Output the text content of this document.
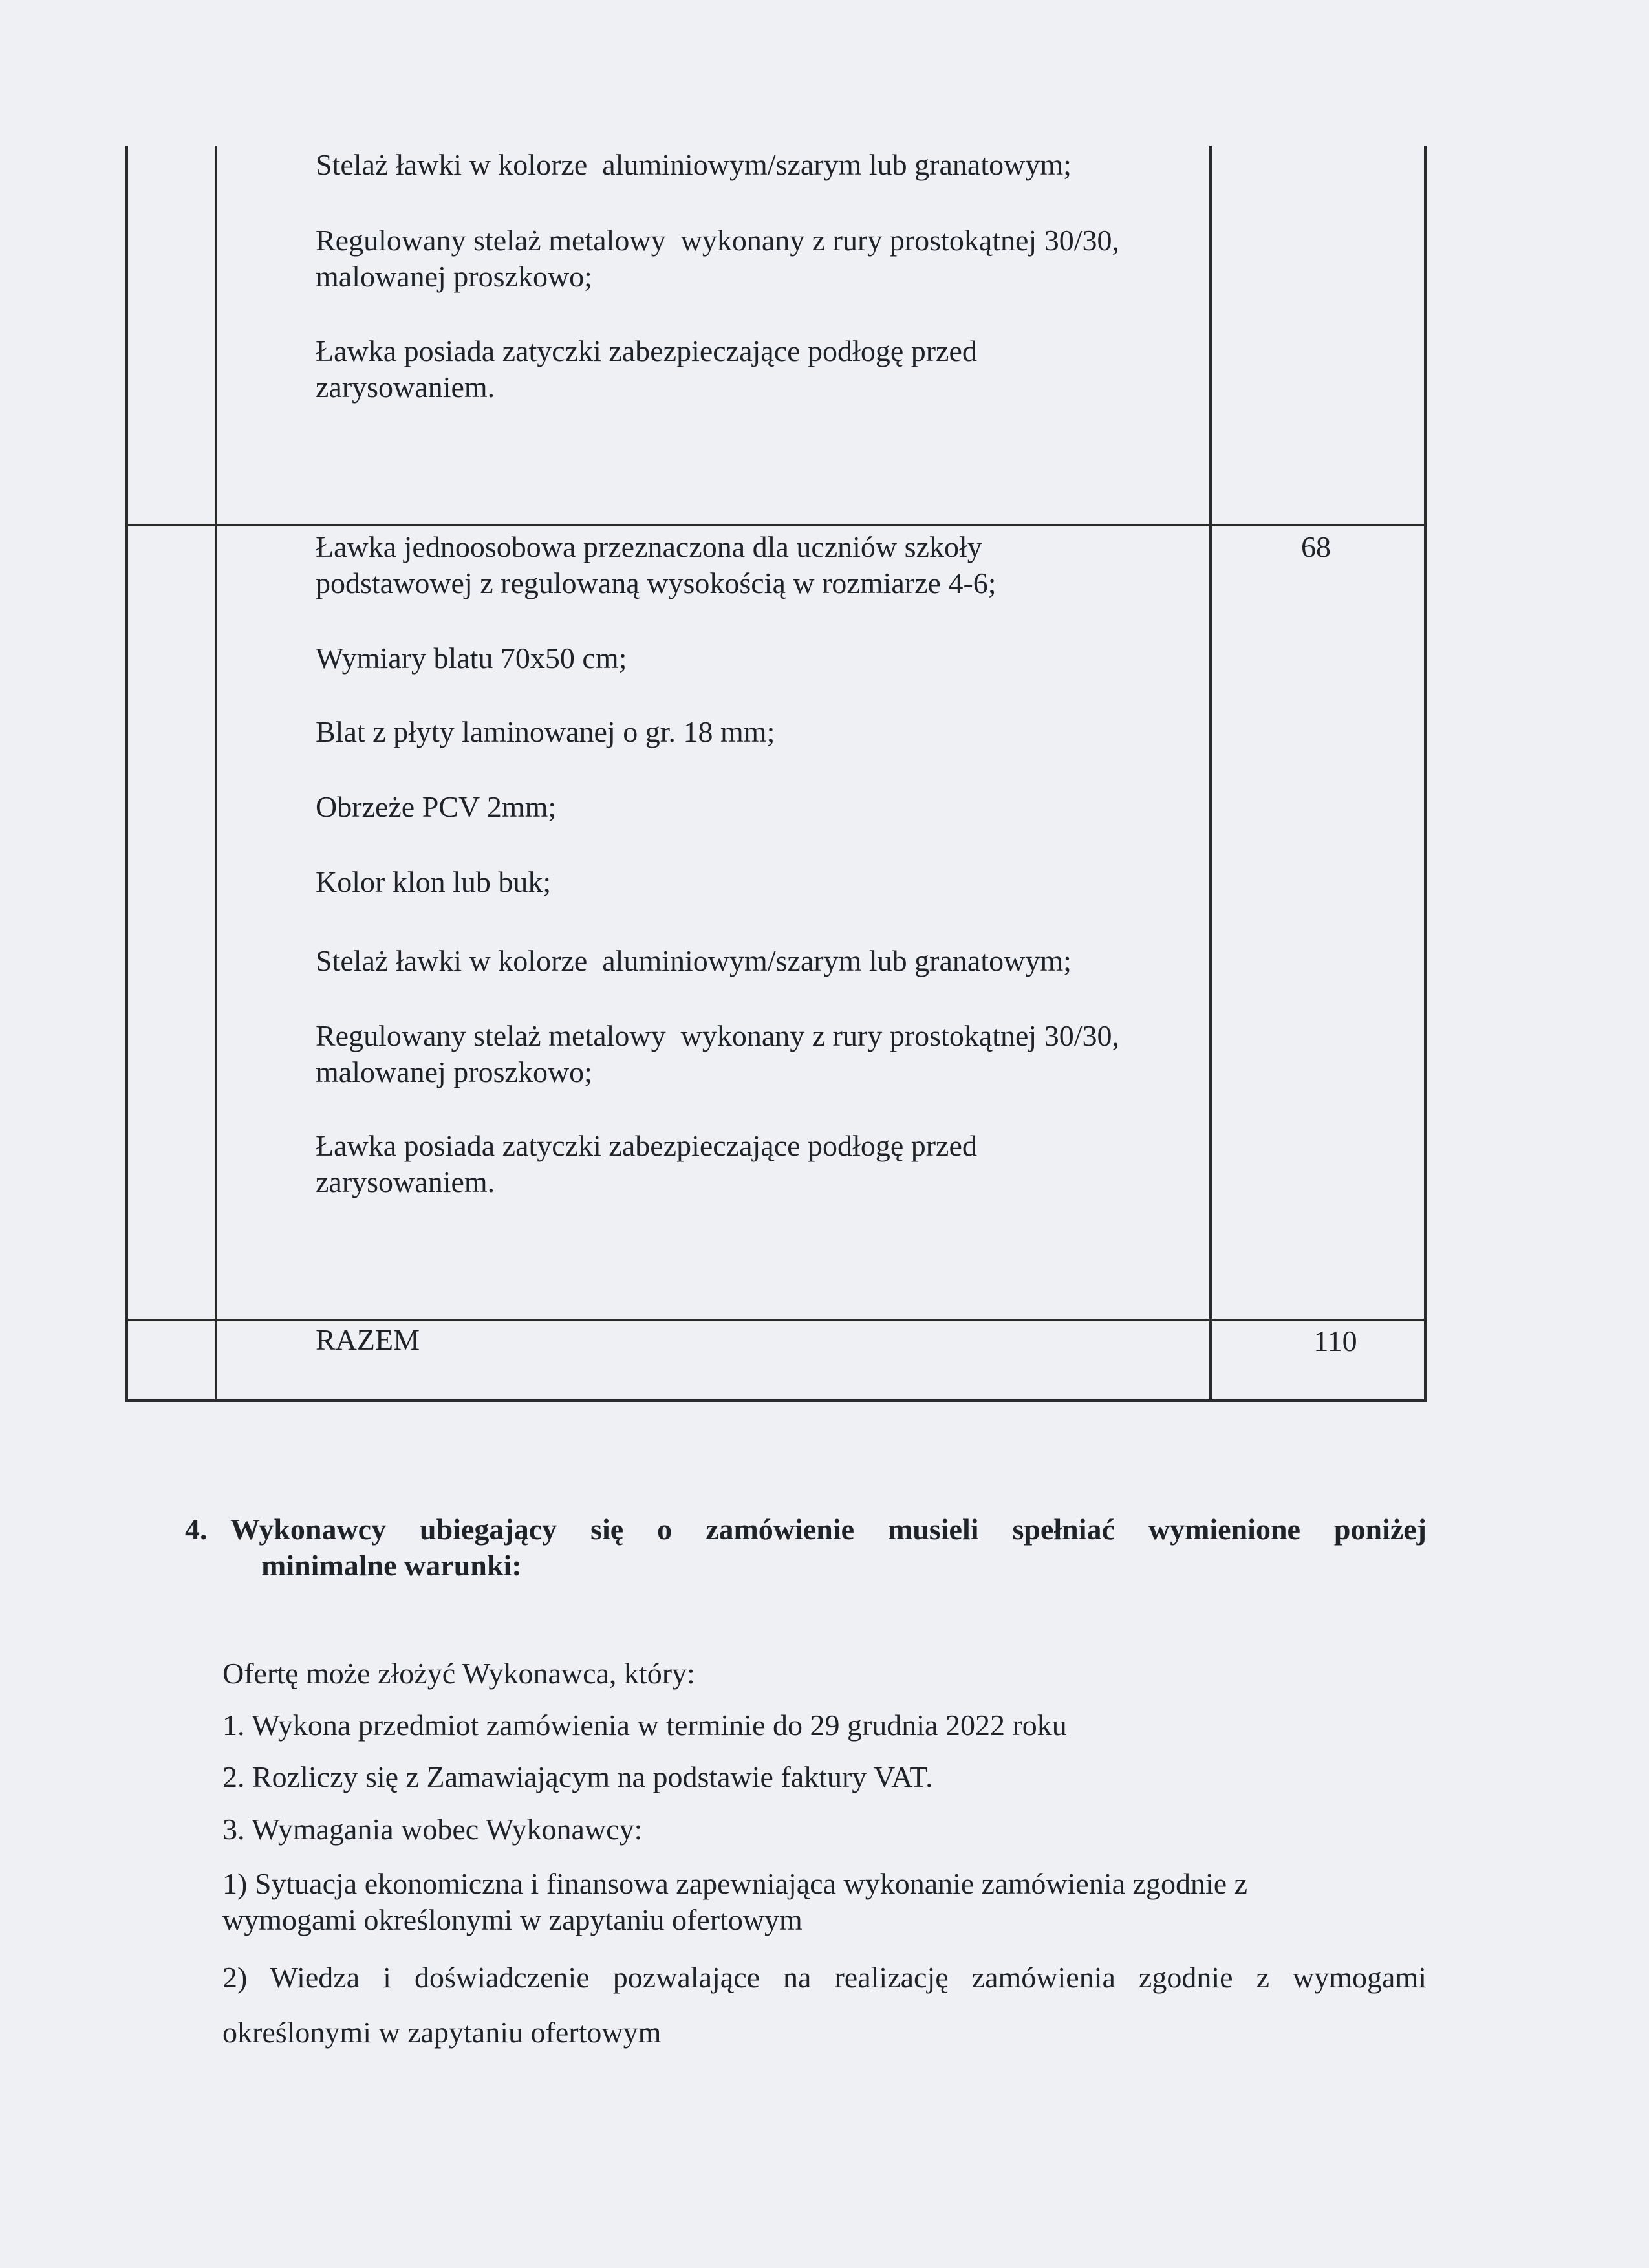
Stelaż ławki w kolorze  aluminiowym/szarym lub granatowym;
Regulowany stelaż metalowy  wykonany z rury prostokątnej 30/30,
malowanej proszkowo;
Ławka posiada zatyczki zabezpieczające podłogę przed
zarysowaniem.
Ławka jednoosobowa przeznaczona dla uczniów szkoły
podstawowej z regulowaną wysokością w rozmiarze 4-6;
Wymiary blatu 70x50 cm;
Blat z płyty laminowanej o gr. 18 mm;
Obrzeże PCV 2mm;
Kolor klon lub buk;
Stelaż ławki w kolorze  aluminiowym/szarym lub granatowym;
Regulowany stelaż metalowy  wykonany z rury prostokątnej 30/30,
malowanej proszkowo;
Ławka posiada zatyczki zabezpieczające podłogę przed
zarysowaniem.
68
RAZEM	110
4. Wykonawcy ubiegający się o zamówienie musieli spełniać wymienione poniżej
minimalne warunki:
Ofertę może złożyć Wykonawca, który:
1. Wykona przedmiot zamówienia w terminie do 29 grudnia 2022 roku
2. Rozliczy się z Zamawiającym na podstawie faktury VAT.
3. Wymagania wobec Wykonawcy:
1) Sytuacja ekonomiczna i finansowa zapewniająca wykonanie zamówienia zgodnie z
wymogami określonymi w zapytaniu ofertowym
2) Wiedza i doświadczenie pozwalające na realizację zamówienia zgodnie z wymogami
określonymi w zapytaniu ofertowym
